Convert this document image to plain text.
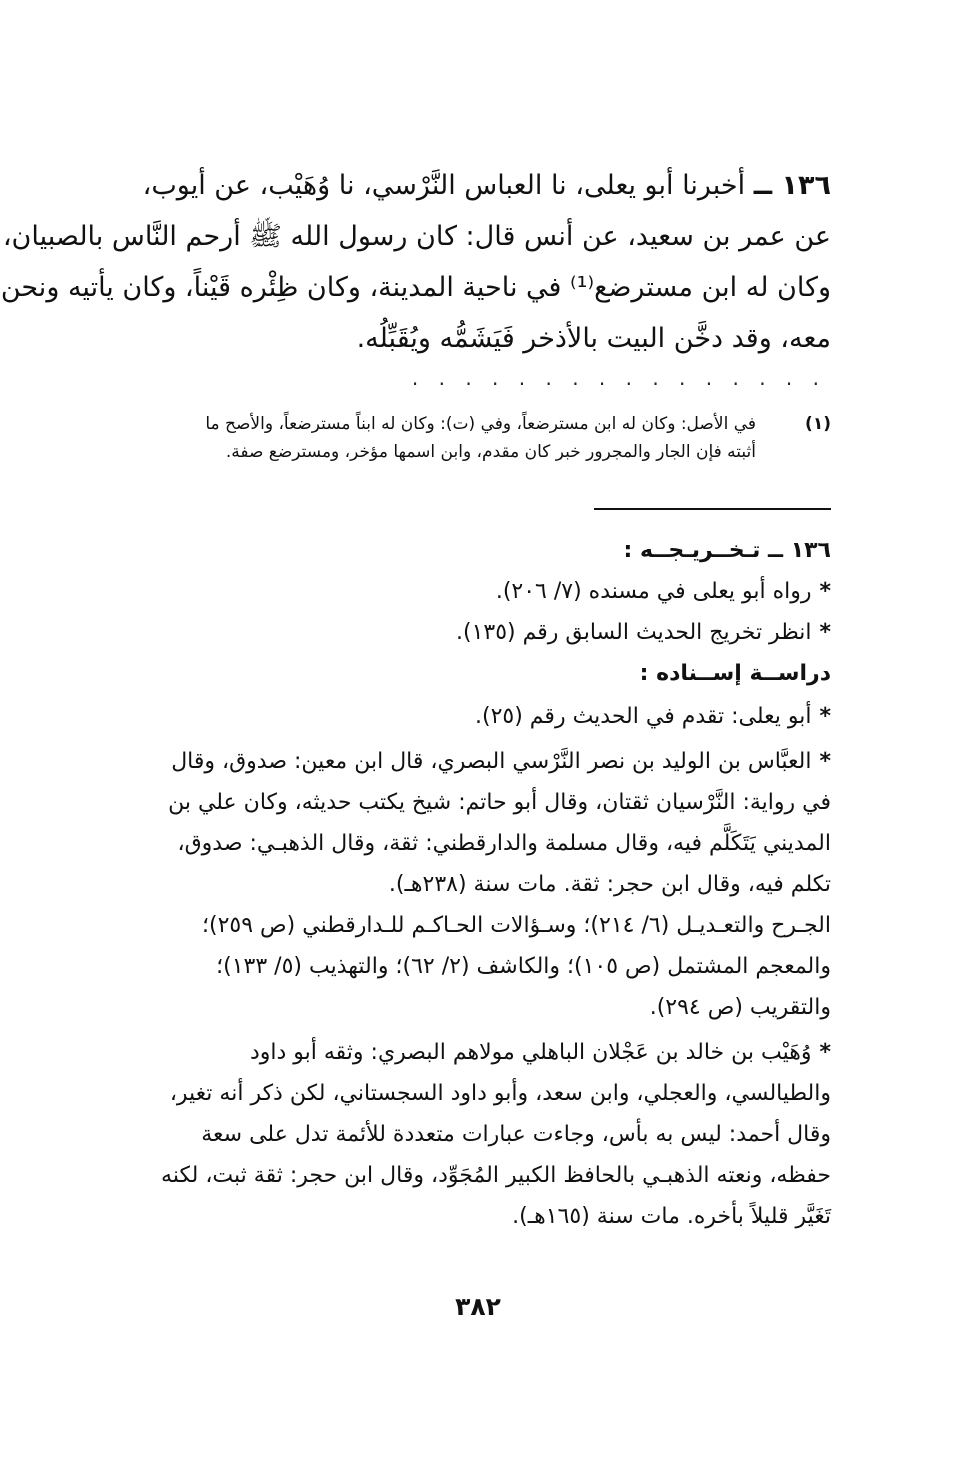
١٣٦ ــ أخبرنا أبو يعلى، نا العباس النَّرْسي، نا وُهَيْب، عن أيوب،
عن عمر بن سعيد، عن أنس قال: كان رسول الله ﷺ أرحم النَّاس بالصبيان،
وكان له ابن مسترضع⁽¹⁾ في ناحية المدينة، وكان ظِئْره قَيْناً، وكان يأتيه ونحن
معه، وقد دخَّن البيت بالأذخر فَيَشَمُّه ويُقَبِّلُه.
. . . . . . . . . . . . . . . .
(١)
في الأصل: وكان له ابن مسترضعاً، وفي (ت): وكان له ابناً مسترضعاً، والأصح ما
أثبته فإن الجار والمجرور خبر كان مقدم، وابن اسمها مؤخر، ومسترضع صفة.
١٣٦ ــ تـخــريـجــه :
*رواه أبو يعلى في مسنده (٧/ ٢٠٦).
*انظر تخريج الحديث السابق رقم (١٣٥).
دراســة إســناده :
*أبو يعلى: تقدم في الحديث رقم (٢٥).
*العبَّاس بن الوليد بن نصر النَّرْسي البصري، قال ابن معين: صدوق، وقال
في رواية: النَّرْسيان ثقتان، وقال أبو حاتم: شيخ يكتب حديثه، وكان علي بن
المديني يَتَكَلَّم فيه، وقال مسلمة والدارقطني: ثقة، وقال الذهبـي: صدوق،
تكلم فيه، وقال ابن حجر: ثقة. مات سنة (٢٣٨هـ).
الجـرح والتعـديـل (٦/ ٢١٤)؛ وسـؤالات الحـاكـم للـدارقطني (ص ٢٥٩)؛
والمعجم المشتمل (ص ١٠٥)؛ والكاشف (٢/ ٦٢)؛ والتهذيب (٥/ ١٣٣)؛
والتقريب (ص ٢٩٤).
*وُهَيْب بن خالد بن عَجْلان الباهلي مولاهم البصري: وثقه أبو داود
والطيالسي، والعجلي، وابن سعد، وأبو داود السجستاني، لكن ذكر أنه تغير،
وقال أحمد: ليس به بأس، وجاءت عبارات متعددة للأئمة تدل على سعة
حفظه، ونعته الذهبـي بالحافظ الكبير المُجَوِّد، وقال ابن حجر: ثقة ثبت، لكنه
تَغَيَّر قليلاً بأخره. مات سنة (١٦٥هـ).
٣٨٢
